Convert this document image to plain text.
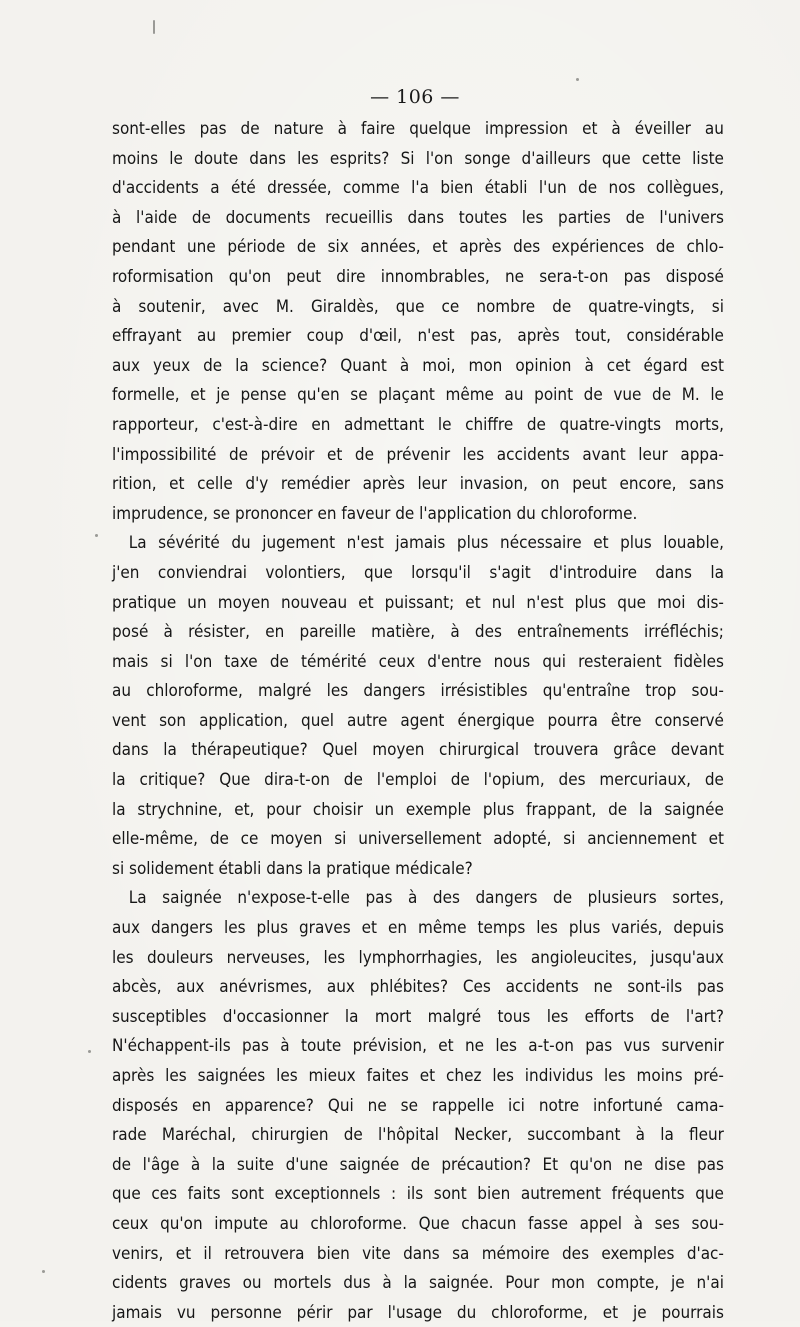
— 106 —
sont-elles pas de nature à faire quelque impression et à éveiller au
moins le doute dans les esprits? Si l'on songe d'ailleurs que cette liste
d'accidents a été dressée, comme l'a bien établi l'un de nos collègues,
à l'aide de documents recueillis dans toutes les parties de l'univers
pendant une période de six années, et après des expériences de chlo-
roformisation qu'on peut dire innombrables, ne sera-t-on pas disposé
à soutenir, avec M. Giraldès, que ce nombre de quatre-vingts, si
effrayant au premier coup d'œil, n'est pas, après tout, considérable
aux yeux de la science? Quant à moi, mon opinion à cet égard est
formelle, et je pense qu'en se plaçant même au point de vue de M. le
rapporteur, c'est-à-dire en admettant le chiffre de quatre-vingts morts,
l'impossibilité de prévoir et de prévenir les accidents avant leur appa-
rition, et celle d'y remédier après leur invasion, on peut encore, sans
imprudence, se prononcer en faveur de l'application du chloroforme.
La sévérité du jugement n'est jamais plus nécessaire et plus louable,
j'en conviendrai volontiers, que lorsqu'il s'agit d'introduire dans la
pratique un moyen nouveau et puissant; et nul n'est plus que moi dis-
posé à résister, en pareille matière, à des entraînements irréfléchis;
mais si l'on taxe de témérité ceux d'entre nous qui resteraient fidèles
au chloroforme, malgré les dangers irrésistibles qu'entraîne trop sou-
vent son application, quel autre agent énergique pourra être conservé
dans la thérapeutique? Quel moyen chirurgical trouvera grâce devant
la critique? Que dira-t-on de l'emploi de l'opium, des mercuriaux, de
la strychnine, et, pour choisir un exemple plus frappant, de la saignée
elle-même, de ce moyen si universellement adopté, si anciennement et
si solidement établi dans la pratique médicale?
La saignée n'expose-t-elle pas à des dangers de plusieurs sortes,
aux dangers les plus graves et en même temps les plus variés, depuis
les douleurs nerveuses, les lymphorrhagies, les angioleucites, jusqu'aux
abcès, aux anévrismes, aux phlébites? Ces accidents ne sont-ils pas
susceptibles d'occasionner la mort malgré tous les efforts de l'art?
N'échappent-ils pas à toute prévision, et ne les a-t-on pas vus survenir
après les saignées les mieux faites et chez les individus les moins pré-
disposés en apparence? Qui ne se rappelle ici notre infortuné cama-
rade Maréchal, chirurgien de l'hôpital Necker, succombant à la fleur
de l'âge à la suite d'une saignée de précaution? Et qu'on ne dise pas
que ces faits sont exceptionnels : ils sont bien autrement fréquents que
ceux qu'on impute au chloroforme. Que chacun fasse appel à ses sou-
venirs, et il retrouvera bien vite dans sa mémoire des exemples d'ac-
cidents graves ou mortels dus à la saignée. Pour mon compte, je n'ai
jamais vu personne périr par l'usage du chloroforme, et je pourrais
